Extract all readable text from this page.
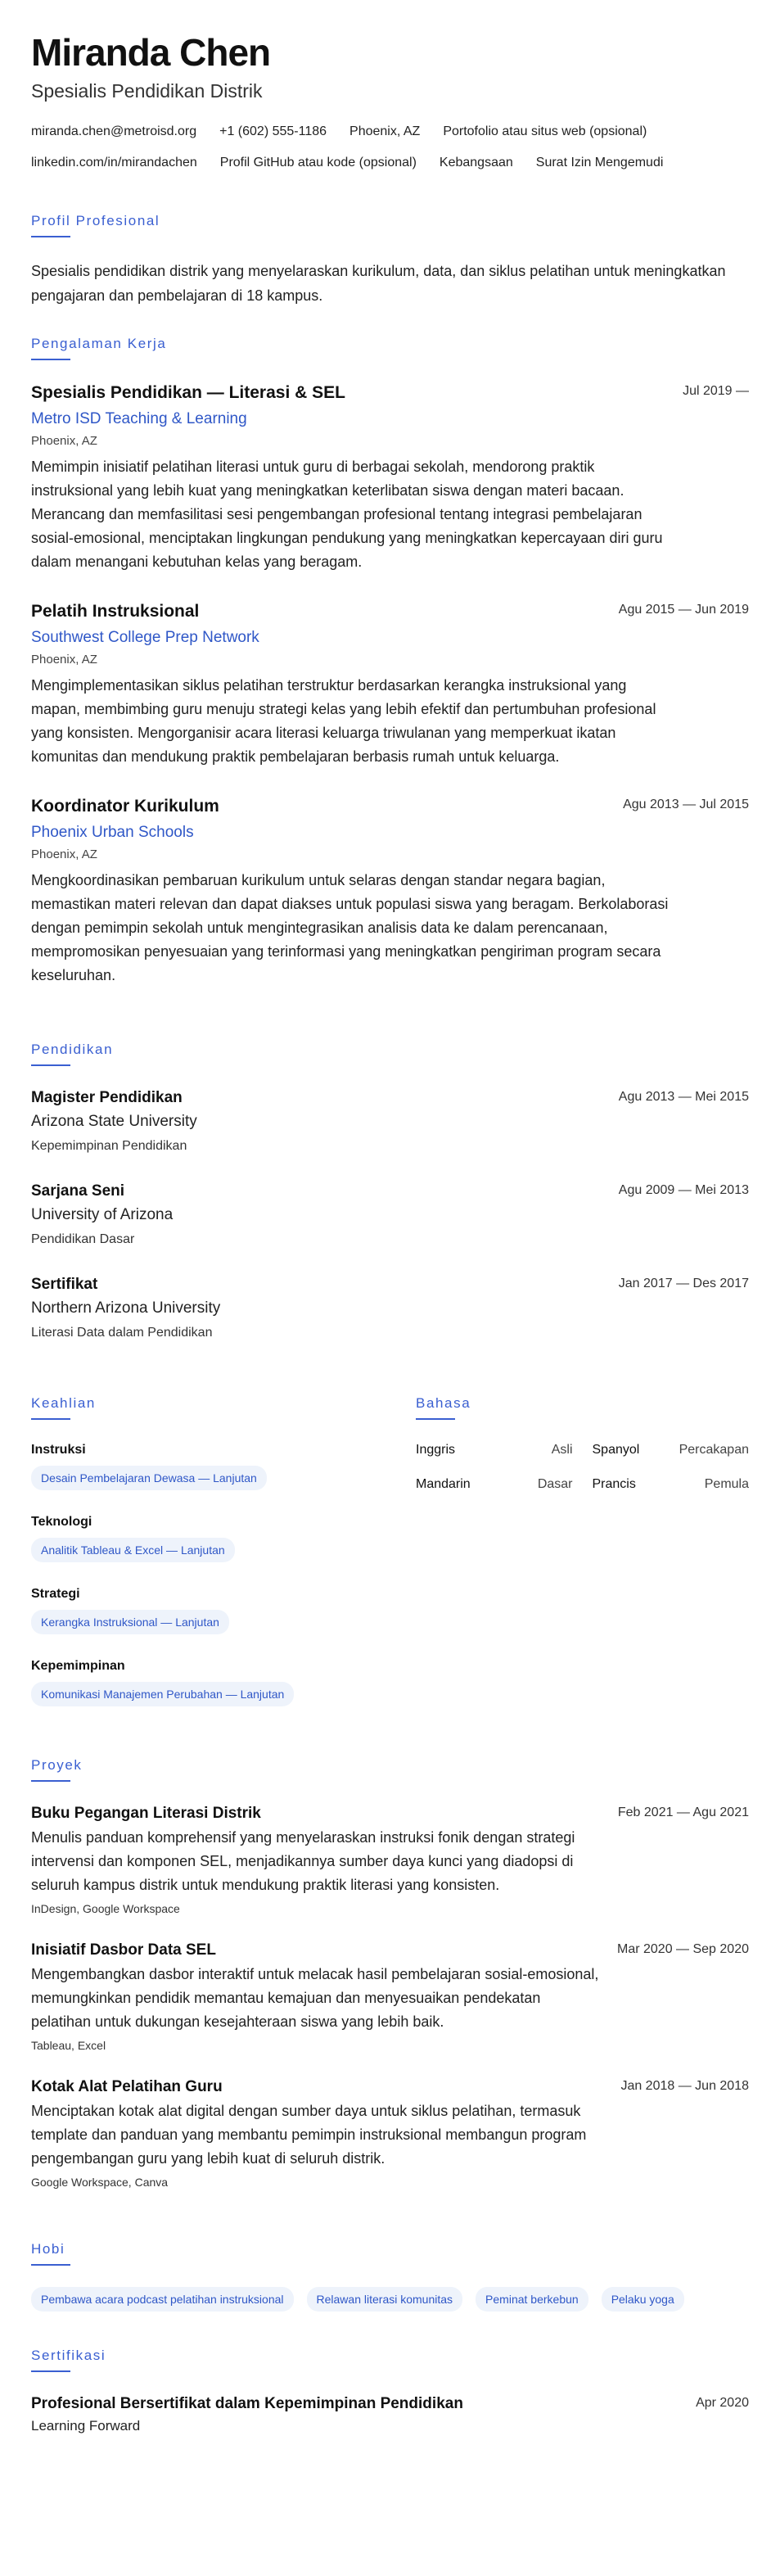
Miranda Chen
Spesialis Pendidikan Distrik
miranda.chen@metroisd.org +1 (602) 555-1186 Phoenix, AZ Portofolio atau situs web (opsional)
linkedin.com/in/mirandachen Profil GitHub atau kode (opsional) Kebangsaan Surat Izin Mengemudi
Profil Profesional

Spesialis pendidikan distrik yang menyelaraskan kurikulum, data, dan siklus pelatihan untuk meningkatkan pengajaran dan pembelajaran di 18 kampus.

Pengalaman Kerja
Spesialis Pendidikan — Literasi & SEL	Jul 2019 —
Metro ISD Teaching & Learning
Phoenix, AZ

Memimpin inisiatif pelatihan literasi untuk guru di berbagai sekolah, mendorong praktik instruksional yang lebih kuat yang meningkatkan keterlibatan siswa dengan materi bacaan. Merancang dan memfasilitasi sesi pengembangan profesional tentang integrasi pembelajaran sosial-emosional, menciptakan lingkungan pendukung yang meningkatkan kepercayaan diri guru dalam menangani kebutuhan kelas yang beragam.

Pelatih Instruksional	Agu 2015 — Jun 2019
Southwest College Prep Network
Phoenix, AZ

Mengimplementasikan siklus pelatihan terstruktur berdasarkan kerangka instruksional yang mapan, membimbing guru menuju strategi kelas yang lebih efektif dan pertumbuhan profesional yang konsisten. Mengorganisir acara literasi keluarga triwulanan yang memperkuat ikatan komunitas dan mendukung praktik pembelajaran berbasis rumah untuk keluarga.

Koordinator Kurikulum	Agu 2013 — Jul 2015
Phoenix Urban Schools
Phoenix, AZ

Mengkoordinasikan pembaruan kurikulum untuk selaras dengan standar negara bagian, memastikan materi relevan dan dapat diakses untuk populasi siswa yang beragam. Berkolaborasi dengan pemimpin sekolah untuk mengintegrasikan analisis data ke dalam perencanaan, mempromosikan penyesuaian yang terinformasi yang meningkatkan pengiriman program secara keseluruhan.

Pendidikan
Magister Pendidikan	Agu 2013 — Mei 2015
Arizona State University
Kepemimpinan Pendidikan
Sarjana Seni	Agu 2009 — Mei 2013
University of Arizona
Pendidikan Dasar
Sertifikat	Jan 2017 — Des 2017
Northern Arizona University
Literasi Data dalam Pendidikan
Keahlian
Instruksi
Desain Pembelajaran Dewasa — Lanjutan
Teknologi
Analitik Tableau & Excel — Lanjutan
Strategi
Kerangka Instruksional — Lanjutan
Kepemimpinan
Komunikasi Manajemen Perubahan — Lanjutan
Bahasa
Inggris	Asli Spanyol	Percakapan
Mandarin	Dasar Prancis	Pemula
Proyek
Buku Pegangan Literasi Distrik	Feb 2021 — Agu 2021

Menulis panduan komprehensif yang menyelaraskan instruksi fonik dengan strategi intervensi dan komponen SEL, menjadikannya sumber daya kunci yang diadopsi di seluruh kampus distrik untuk mendukung praktik literasi yang konsisten.

InDesign, Google Workspace
Inisiatif Dasbor Data SEL	Mar 2020 — Sep 2020

Mengembangkan dasbor interaktif untuk melacak hasil pembelajaran sosial-emosional, memungkinkan pendidik memantau kemajuan dan menyesuaikan pendekatan pelatihan untuk dukungan kesejahteraan siswa yang lebih baik.

Tableau, Excel
Kotak Alat Pelatihan Guru	Jan 2018 — Jun 2018

Menciptakan kotak alat digital dengan sumber daya untuk siklus pelatihan, termasuk template dan panduan yang membantu pemimpin instruksional membangun program pengembangan guru yang lebih kuat di seluruh distrik.

Google Workspace, Canva
Hobi
Pembawa acara podcast pelatihan instruksional	Relawan literasi komunitas	Peminat berkebun	Pelaku yoga
Sertifikasi
Profesional Bersertifikat dalam Kepemimpinan Pendidikan	Apr 2020
Learning Forward
